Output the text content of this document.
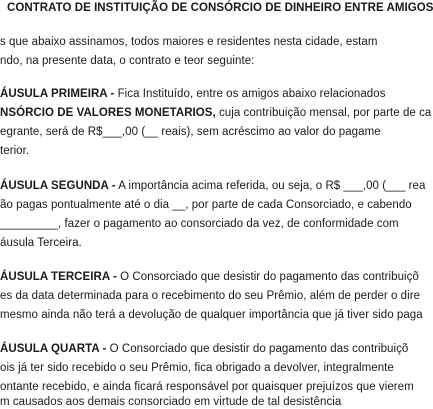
CONTRATO DE INSTITUIÇÃO DE CONSÓRCIO DE DINHEIRO ENTRE AMIGOS
s que abaixo assinamos, todos maiores e residentes nesta cidade, estam
ndo, na presente data, o contrato e teor seguinte:
ÁUSULA PRIMEIRA - Fica Instituído, entre os amigos abaixo relacionados
NSÓRCIO DE VALORES MONETARIOS, cuja contribuição mensal, por parte de ca
egrante, será de R$___,00 (__ reais), sem acréscimo ao valor do pagame
terior.
ÁUSULA SEGUNDA - A importância acima referida, ou seja, o R$ ___,00 (___ rea
ão pagas pontualmente até o dia __, por parte de cada Consorciado, e cabendo
_________, fazer o pagamento ao consorciado da vez, de conformidade com
áusula Terceira.
ÁUSULA TERCEIRA - O Consorciado que desistir do pagamento das contribuiçõ
es da data determinada para o recebimento do seu Prêmio, além de perder o dire
mesmo ainda não terá a devolução de qualquer importância que já tiver sido paga
ÁUSULA QUARTA - O Consorciado que desistir do pagamento das contribuiçõ
ois já ter sido recebido o seu Prêmio, fica obrigado a devolver, integralmente
ontante recebido, e ainda ficará responsável por quaisquer prejuízos que vierem
m causados aos demais consorciado em virtude de tal desistência
